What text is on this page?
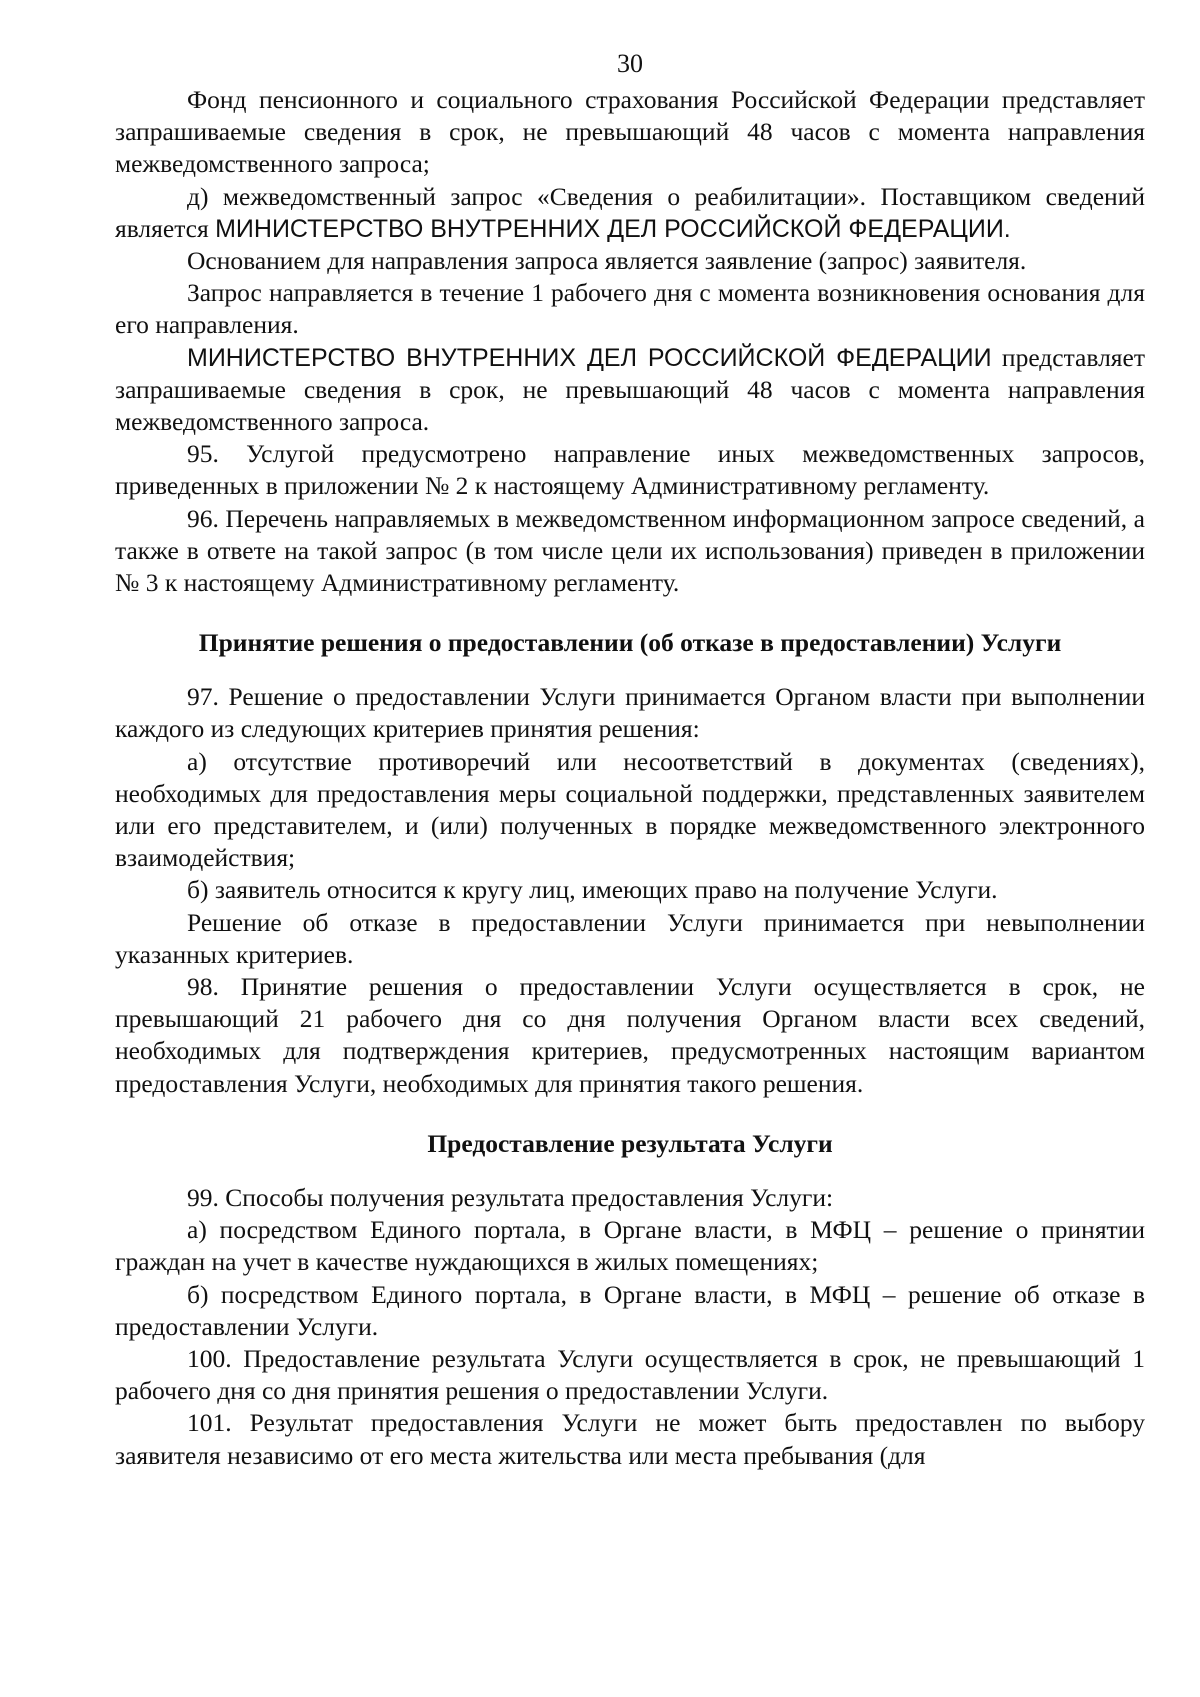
30

Фонд пенсионного и социального страхования Российской Федерации представляет запрашиваемые сведения в срок, не превышающий 48 часов с момента направления межведомственного запроса;

д) межведомственный запрос «Сведения о реабилитации». Поставщиком сведений является МИНИСТЕРСТВО ВНУТРЕННИХ ДЕЛ РОССИЙСКОЙ ФЕДЕРАЦИИ.

Основанием для направления запроса является заявление (запрос) заявителя.

Запрос направляется в течение 1 рабочего дня с момента возникновения основания для его направления.

МИНИСТЕРСТВО ВНУТРЕННИХ ДЕЛ РОССИЙСКОЙ ФЕДЕРАЦИИ представляет запрашиваемые сведения в срок, не превышающий 48 часов с момента направления межведомственного запроса.

95. Услугой предусмотрено направление иных межведомственных запросов, приведенных в приложении № 2 к настоящему Административному регламенту.

96. Перечень направляемых в межведомственном информационном запросе сведений, а также в ответе на такой запрос (в том числе цели их использования) приведен в приложении № 3 к настоящему Административному регламенту.

Принятие решения о предоставлении (об отказе в предоставлении) Услуги

97. Решение о предоставлении Услуги принимается Органом власти при выполнении каждого из следующих критериев принятия решения:

а) отсутствие противоречий или несоответствий в документах (сведениях), необходимых для предоставления меры социальной поддержки, представленных заявителем или его представителем, и (или) полученных в порядке межведомственного электронного взаимодействия;

б) заявитель относится к кругу лиц, имеющих право на получение Услуги.

Решение об отказе в предоставлении Услуги принимается при невыполнении указанных критериев.

98. Принятие решения о предоставлении Услуги осуществляется в срок, не превышающий 21 рабочего дня со дня получения Органом власти всех сведений, необходимых для подтверждения критериев, предусмотренных настоящим вариантом предоставления Услуги, необходимых для принятия такого решения.

Предоставление результата Услуги

99. Способы получения результата предоставления Услуги:

а) посредством Единого портала, в Органе власти, в МФЦ – решение о принятии граждан на учет в качестве нуждающихся в жилых помещениях;

б) посредством Единого портала, в Органе власти, в МФЦ – решение об отказе в предоставлении Услуги.

100. Предоставление результата Услуги осуществляется в срок, не превышающий 1 рабочего дня со дня принятия решения о предоставлении Услуги.

101. Результат предоставления Услуги не может быть предоставлен по выбору заявителя независимо от его места жительства или места пребывания (для
